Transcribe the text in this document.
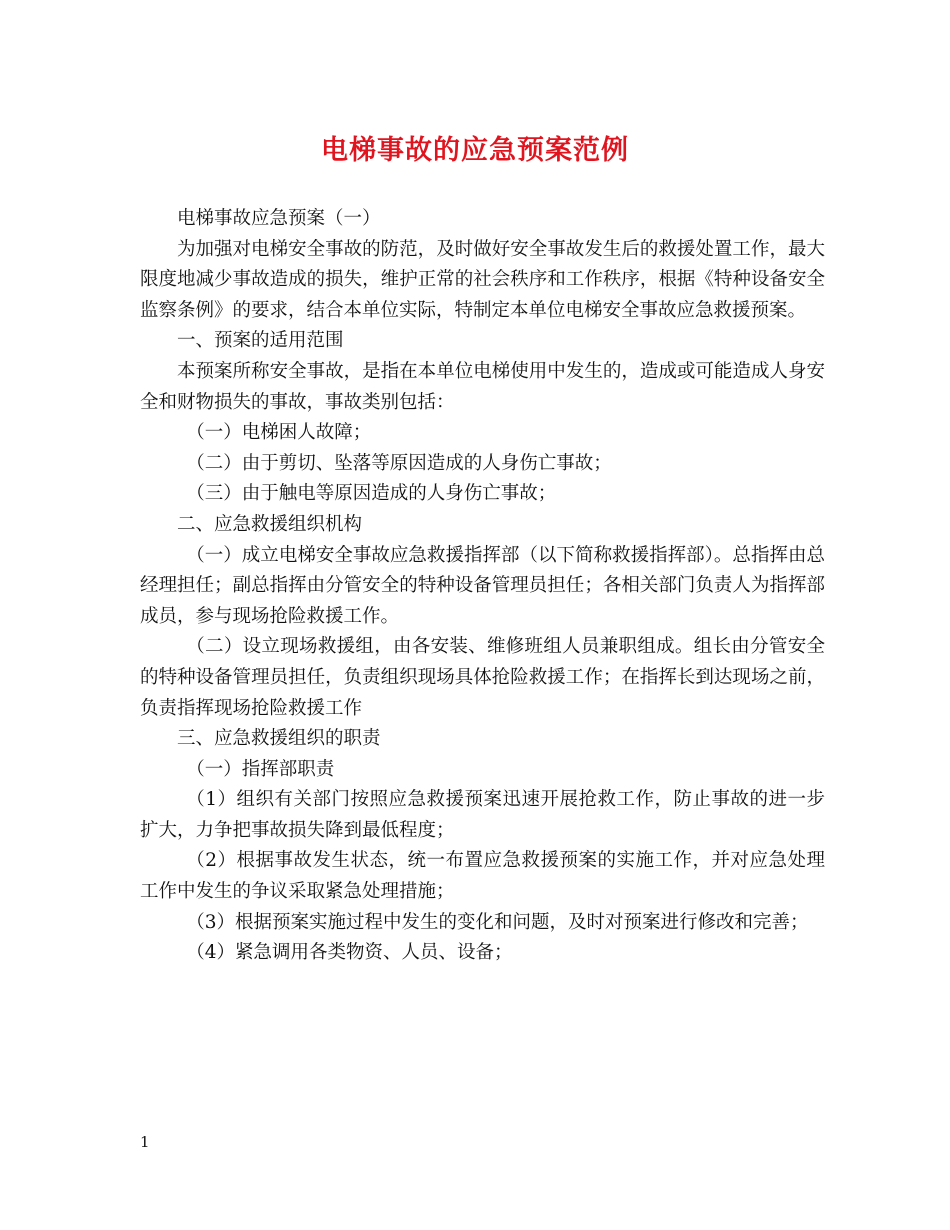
电梯事故的应急预案范例

电梯事故应急预案（一）

为加强对电梯安全事故的防范，及时做好安全事故发生后的救援处置工作，最大限度地减少事故造成的损失，维护正常的社会秩序和工作秩序，根据《特种设备安全监察条例》的要求，结合本单位实际，特制定本单位电梯安全事故应急救援预案。

一、预案的适用范围

本预案所称安全事故，是指在本单位电梯使用中发生的，造成或可能造成人身安全和财物损失的事故，事故类别包括：

（一）电梯困人故障；

（二）由于剪切、坠落等原因造成的人身伤亡事故；

（三）由于触电等原因造成的人身伤亡事故；

二、应急救援组织机构

（一）成立电梯安全事故应急救援指挥部（以下简称救援指挥部）。总指挥由总经理担任；副总指挥由分管安全的特种设备管理员担任；各相关部门负责人为指挥部成员，参与现场抢险救援工作。

（二）设立现场救援组，由各安装、维修班组人员兼职组成。组长由分管安全的特种设备管理员担任，负责组织现场具体抢险救援工作；在指挥长到达现场之前，负责指挥现场抢险救援工作

三、应急救援组织的职责

（一）指挥部职责

（1）组织有关部门按照应急救援预案迅速开展抢救工作，防止事故的进一步扩大，力争把事故损失降到最低程度；

（2）根据事故发生状态，统一布置应急救援预案的实施工作，并对应急处理工作中发生的争议采取紧急处理措施；

（3）根据预案实施过程中发生的变化和问题，及时对预案进行修改和完善；

（4）紧急调用各类物资、人员、设备；

1
